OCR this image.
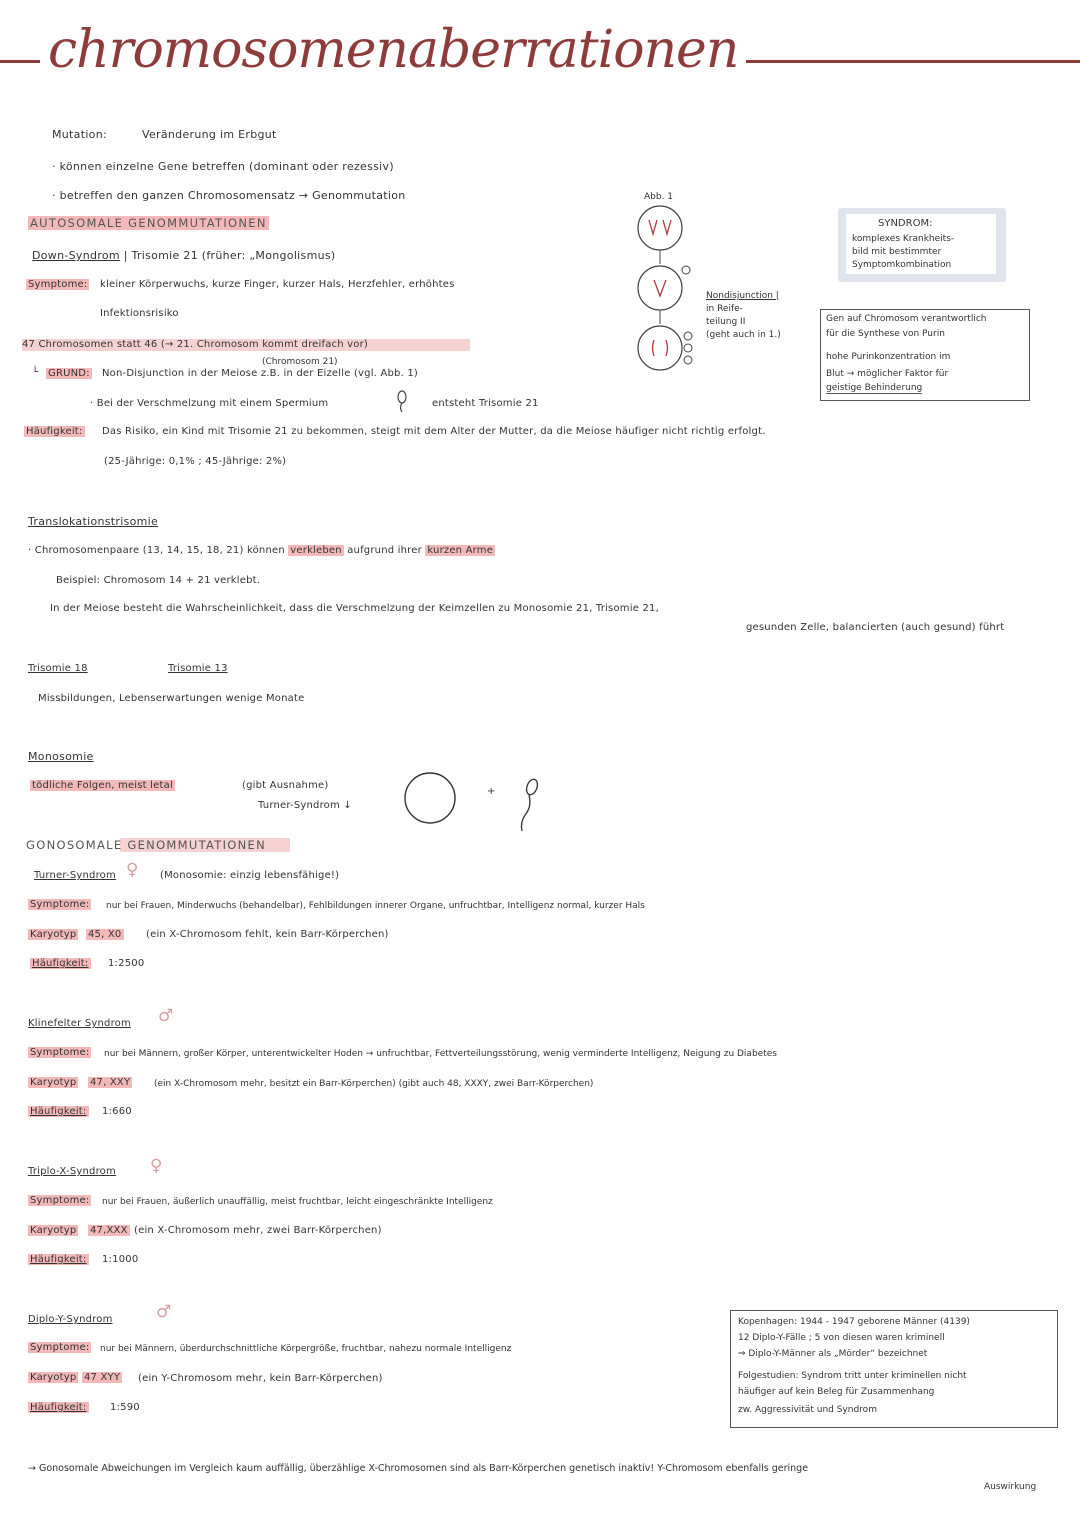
chromosomenaberrationen
Mutation:	Veränderung im Erbgut
· können einzelne Gene betreffen (dominant oder rezessiv)
· betreffen den ganzen Chromosomensatz → Genommutation
AUTOSOMALE GENOMMUTATIONEN
Down-Syndrom | Trisomie 21 (früher: „Mongolismus)
Symptome: kleiner Körperwuchs, kurze Finger, kurzer Hals, Herzfehler, erhöhtes
Infektionsrisiko
47 Chromosomen statt 46 (→ 21. Chromosom kommt dreifach vor)
(Chromosom 21)
└ GRUND: Non-Disjunction in der Meiose z.B. in der Eizelle (vgl. Abb. 1)
· Bei der Verschmelzung mit einem Spermium	entsteht Trisomie 21
Häufigkeit: Das Risiko, ein Kind mit Trisomie 21 zu bekommen, steigt mit dem Alter der Mutter, da die Meiose häufiger nicht richtig erfolgt.
(25-Jährige: 0,1% ; 45-Jährige: 2%)
Abb. 1
Nondisjunction |
in Reife-
teilung II
(geht auch in 1.)
SYNDROM:
komplexes Krankheits-
bild mit bestimmter
Symptomkombination
Gen auf Chromosom verantwortlich
für die Synthese von Purin
hohe Purinkonzentration im
Blut → möglicher Faktor für
geistige Behinderung
Translokationstrisomie
· Chromosomenpaare (13, 14, 15, 18, 21) können verkleben aufgrund ihrer kurzen Arme
Beispiel: Chromosom 14 + 21 verklebt.
In der Meiose besteht die Wahrscheinlichkeit, dass die Verschmelzung der Keimzellen zu Monosomie 21, Trisomie 21,
gesunden Zelle, balancierten (auch gesund) führt
Trisomie 18	Trisomie 13
Missbildungen, Lebenserwartungen wenige Monate
Monosomie
tödliche Folgen, meist letal	(gibt Ausnahme)
Turner-Syndrom ↓
+
GONOSOMALE GENOMMUTATIONEN
Turner-Syndrom ♀ (Monosomie: einzig lebensfähige!)
Symptome: nur bei Frauen, Minderwuchs (behandelbar), Fehlbildungen innerer Organe, unfruchtbar, Intelligenz normal, kurzer Hals
Karyotyp 45, X0 (ein X-Chromosom fehlt, kein Barr-Körperchen)
Häufigkeit: 1:2500
Klinefelter Syndrom ♂
Symptome: nur bei Männern, großer Körper, unterentwickelter Hoden → unfruchtbar, Fettverteilungsstörung, wenig verminderte Intelligenz, Neigung zu Diabetes
Karyotyp 47, XXY	(ein X-Chromosom mehr, besitzt ein Barr-Körperchen) (gibt auch 48, XXXY, zwei Barr-Körperchen)
Häufigkeit: 1:660
Triplo-X-Syndrom ♀
Symptome: nur bei Frauen, äußerlich unauffällig, meist fruchtbar, leicht eingeschränkte Intelligenz
Karyotyp 47,XXX (ein X-Chromosom mehr, zwei Barr-Körperchen)
Häufigkeit: 1:1000
Diplo-Y-Syndrom	♂
Symptome: nur bei Männern, überdurchschnittliche Körpergröße, fruchtbar, nahezu normale Intelligenz
Karyotyp 47 XYY (ein Y-Chromosom mehr, kein Barr-Körperchen)
Häufigkeit: 1:590
Kopenhagen: 1944 - 1947 geborene Männer (4139)
12 Diplo-Y-Fälle ; 5 von diesen waren kriminell
⇒ Diplo-Y-Männer als „Mörder“ bezeichnet
Folgestudien: Syndrom tritt unter kriminellen nicht
häufiger auf kein Beleg für Zusammenhang
zw. Aggressivität und Syndrom
→ Gonosomale Abweichungen im Vergleich kaum auffällig, überzählige X-Chromosomen sind als Barr-Körperchen genetisch inaktiv! Y-Chromosom ebenfalls geringe
Auswirkung
